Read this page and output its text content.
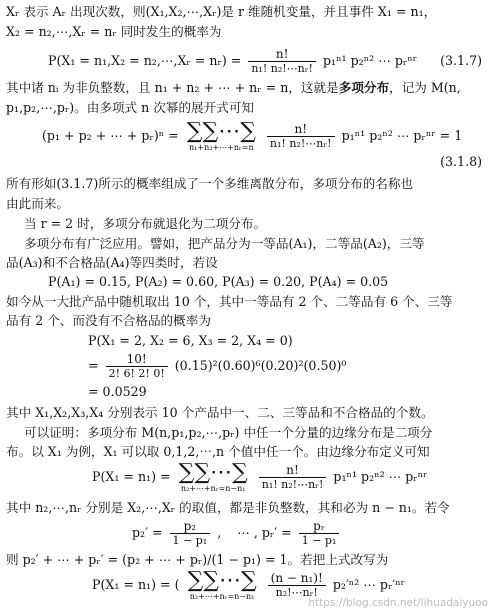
Xᵣ 表示 Aᵣ 出现次数，则(X₁,X₂,⋯,Xᵣ)是 r 维随机变量，并且事件 X₁ = n₁，
X₂ = n₂,⋯,Xᵣ = nᵣ 同时发生的概率为
P(X₁ = n₁,X₂ = n₂,⋯,Xᵣ = nᵣ) = $\frac{n!}{\text{n₁! n₂!⋯nᵣ!}} p_1^{n1}$ p₂ⁿ² ⋯ pᵣⁿʳ (3.1.7)
其中诸 nᵢ 为非负整数，且 n₁ + n₂ + ⋯ + nᵣ = n，这就是多项分布，记为 M(n,
p₁,p₂,⋯,pᵣ)。由多项式 n 次幂的展开式可知
(p₁ + p₂ + ⋯ + pᵣ)ⁿ = ∑∑⋯∑
n₁+n₂+⋯+nᵣ=n
$\frac{n!}{\text{n₁! n₂!⋯nᵣ!}} p_1^{n1}$ p₂ⁿ² ⋯ pᵣⁿʳ = 1
(3.1.8)
所有形如(3.1.7)所示的概率组成了一个多维离散分布，多项分布的名称也
由此而来。
当 r = 2 时，多项分布就退化为二项分布。
多项分布有广泛应用。譬如，把产品分为一等品(A₁)，二等品(A₂)，三等
品(A₃)和不合格品(A₄)等四类时，若设
P(A₁) = 0.15, P(A₂) = 0.60, P(A₃) = 0.20, P(A₄) = 0.05
如今从一大批产品中随机取出 10 个，其中一等品有 2 个、二等品有 6 个、三等
品有 2 个、而没有不合格品的概率为
P(X₁ = 2, X₂ = 6, X₃ = 2, X₄ = 0)
= $\frac{10!}{2! 6! 2! 0!} (0.15)^2(0.60)^6(0.20)^2(0.50)^0$
= 0.0529
其中 X₁,X₂,X₃,X₄ 分别表示 10 个产品中一、二、三等品和不合格品的个数。
可以证明：多项分布 M(n,p₁,p₂,⋯,pᵣ) 中任一个分量的边缘分布是二项分
布。以 X₁ 为例，X₁ 可以取 0,1,2,⋯,n 个值中任一个。由边缘分布定义可知
P(X₁ = n₁) = ∑∑⋯∑
n₂+⋯+nᵣ=n−n₁
$\frac{n!}{\text{n₁! n₂!⋯nᵣ!}} p_1^{n1}$ p₂ⁿ² ⋯ pᵣⁿʳ
其中 n₂,⋯,nᵣ 分别是 X₂,⋯,Xᵣ 的取值，都是非负整数，其和必为 n − n₁。若令
$p_2' = \frac{\text{p₂}}{\text{1 − p₁}}$ ,    ⋯ , pᵣ′ = $\frac{\text{pᵣ}}{\text{1 − p₁}}$
则 p₂′ + ⋯ + pᵣ′ = (p₂ + ⋯ + pᵣ)/(1 − p₁) = 1。若把上式改写为
P(X₁ = n₁) = ( ∑∑⋯∑
n₂+⋯+nᵣ=n−n₁
$\frac{\text{(n − n₁)!}}{\text{n₂!⋯nᵣ!}} p_2'^{n2}$ ⋯ pᵣ′ⁿʳ
https://blog.csdn.net/lihuadaiyuoo
